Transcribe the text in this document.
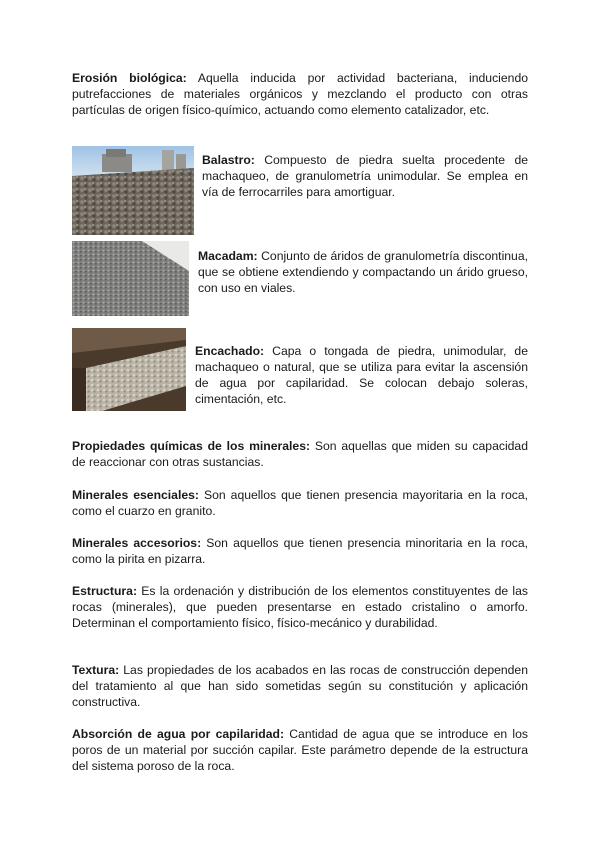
Erosión biológica: Aquella inducida por actividad bacteriana, induciendo putrefacciones de materiales orgánicos y mezclando el producto con otras partículas de origen físico-químico, actuando como elemento catalizador, etc.
Balastro: Compuesto de piedra suelta procedente de machaqueo, de granulometría unimodular. Se emplea en vía de ferrocarriles para amortiguar.
Macadam: Conjunto de áridos de granulometría discontinua, que se obtiene extendiendo y compactando un árido grueso, con uso en viales.
Encachado: Capa o tongada de piedra, unimodular, de machaqueo o natural, que se utiliza para evitar la ascensión de agua por capilaridad. Se colocan debajo soleras, cimentación, etc.
Propiedades químicas de los minerales: Son aquellas que miden su capacidad de reaccionar con otras sustancias.
Minerales esenciales: Son aquellos que tienen presencia mayoritaria en la roca, como el cuarzo en granito.
Minerales accesorios: Son aquellos que tienen presencia minoritaria en la roca, como la pirita en pizarra.
Estructura: Es la ordenación y distribución de los elementos constituyentes de las rocas (minerales), que pueden presentarse en estado cristalino o amorfo. Determinan el comportamiento físico, físico-mecánico y durabilidad.
Textura: Las propiedades de los acabados en las rocas de construcción dependen del tratamiento al que han sido sometidas según su constitución y aplicación constructiva.
Absorción de agua por capilaridad: Cantidad de agua que se introduce en los poros de un material por succión capilar. Este parámetro depende de la estructura del sistema poroso de la roca.
